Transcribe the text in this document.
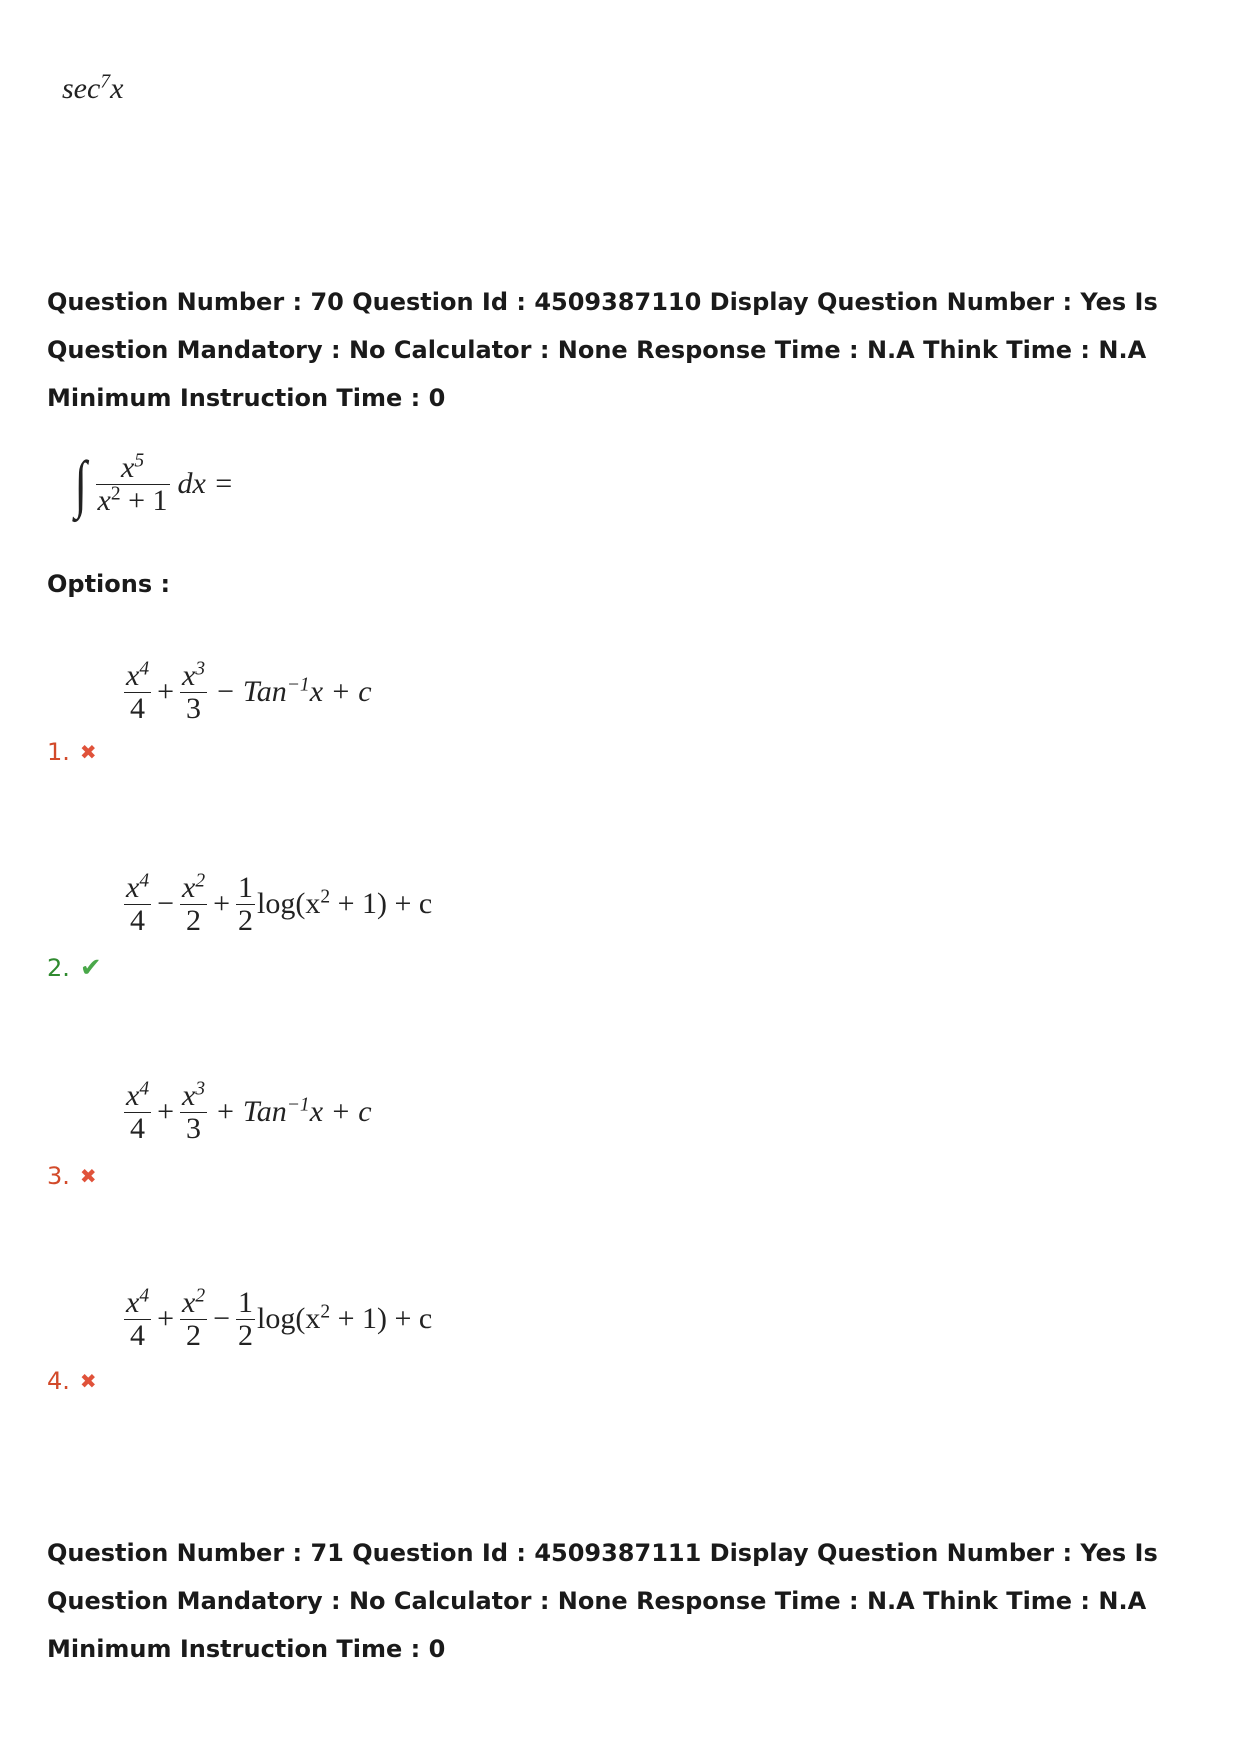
$\sec^7x$
Question Number : 70 Question Id : 4509387110 Display Question Number : Yes Is Question Mandatory : No Calculator : None Response Time : N.A Think Time : N.A Minimum Instruction Time : 0
∫ $\frac{x^5}{x^2 + 1}$ dx =
Options :
$\frac{x^4}{4} + \frac{x^3}{3} - Tan^{-1}x + c$
1. ✖
$\frac{x^4}{4} - \frac{x^2}{2} + \frac{1}{2} \log(x^2 + 1) + c$
2. ✔
$\frac{x^4}{4} + \frac{x^3}{3} + Tan^{-1}x + c$
3. ✖
$\frac{x^4}{4} + \frac{x^2}{2} - \frac{1}{2} \log(x^2 + 1) + c$
4. ✖
Question Number : 71 Question Id : 4509387111 Display Question Number : Yes Is Question Mandatory : No Calculator : None Response Time : N.A Think Time : N.A Minimum Instruction Time : 0
